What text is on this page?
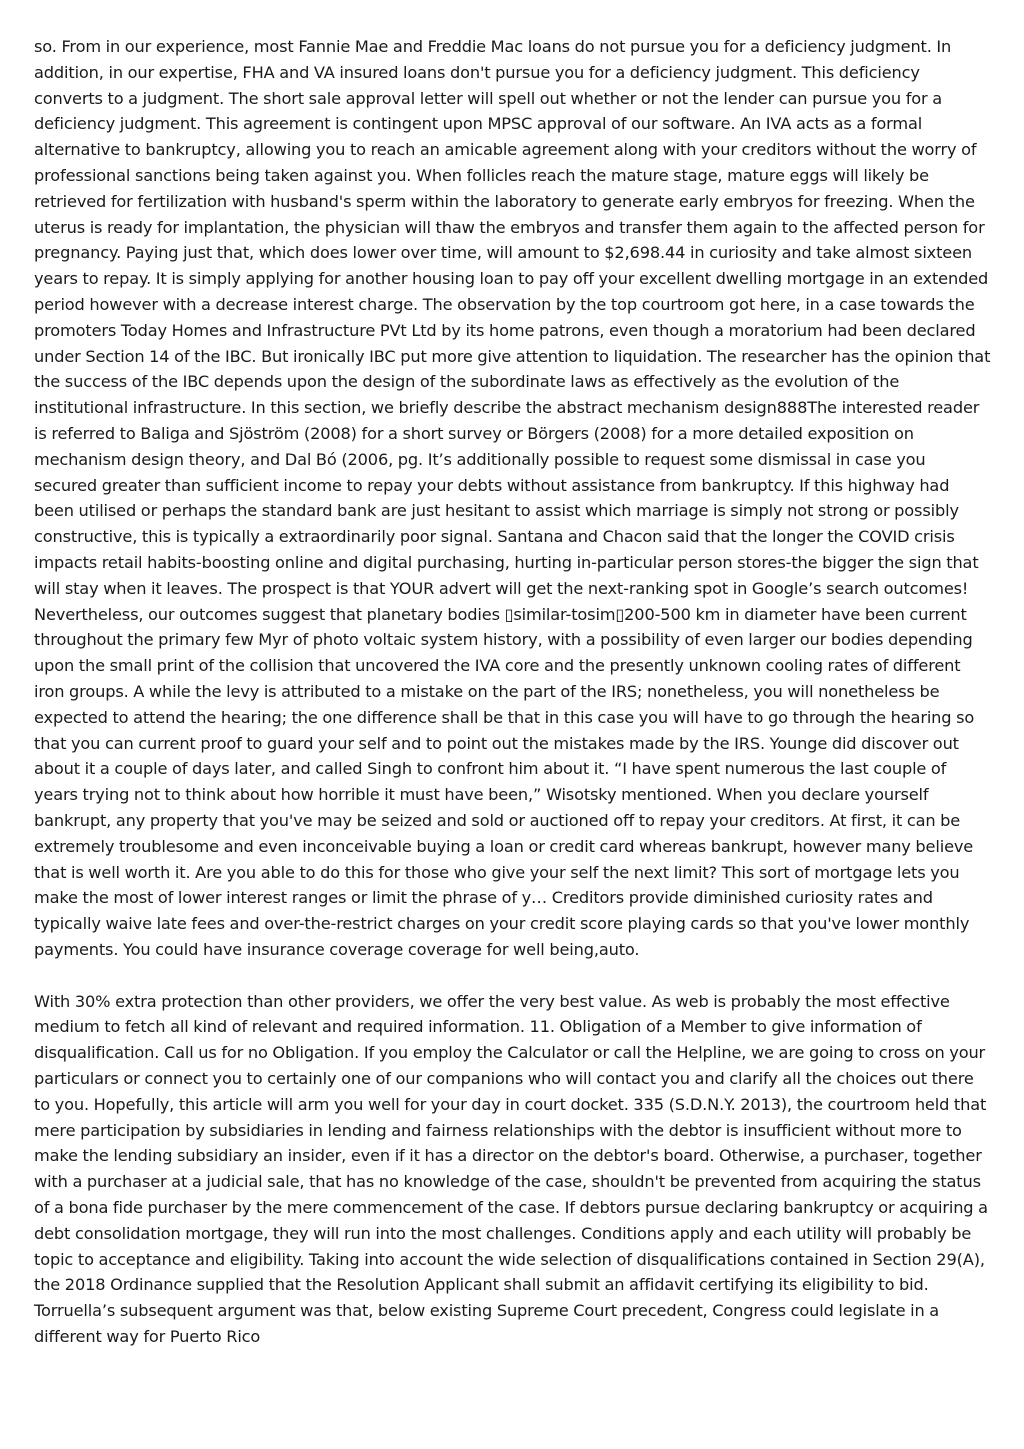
so. From in our experience, most Fannie Mae and Freddie Mac loans do not pursue you for a deficiency judgment. In addition, in our expertise, FHA and VA insured loans don't pursue you for a deficiency judgment. This deficiency converts to a judgment. The short sale approval letter will spell out whether or not the lender can pursue you for a deficiency judgment. This agreement is contingent upon MPSC approval of our software. An IVA acts as a formal alternative to bankruptcy, allowing you to reach an amicable agreement along with your creditors without the worry of professional sanctions being taken against you. When follicles reach the mature stage, mature eggs will likely be retrieved for fertilization with husband's sperm within the laboratory to generate early embryos for freezing. When the uterus is ready for implantation, the physician will thaw the embryos and transfer them again to the affected person for pregnancy. Paying just that, which does lower over time, will amount to $2,698.44 in curiosity and take almost sixteen years to repay. It is simply applying for another housing loan to pay off your excellent dwelling mortgage in an extended period however with a decrease interest charge. The observation by the top courtroom got here, in a case towards the promoters Today Homes and Infrastructure PVt Ltd by its home patrons, even though a moratorium had been declared under Section 14 of the IBC. But ironically IBC put more give attention to liquidation. The researcher has the opinion that the success of the IBC depends upon the design of the subordinate laws as effectively as the evolution of the institutional infrastructure. In this section, we briefly describe the abstract mechanism design888The interested reader is referred to Baliga and Sjöström (2008) for a short survey or Börgers (2008) for a more detailed exposition on mechanism design theory, and Dal Bó (2006, pg. It’s additionally possible to request some dismissal in case you secured greater than sufficient income to repay your debts without assistance from bankruptcy. If this highway had been utilised or perhaps the standard bank are just hesitant to assist which marriage is simply not strong or possibly constructive, this is typically a extraordinarily poor signal. Santana and Chacon said that the longer the COVID crisis impacts retail habits-boosting online and digital purchasing, hurting in-particular person stores-the bigger the sign that will stay when it leaves. The prospect is that YOUR advert will get the next-ranking spot in Google’s search outcomes! Nevertheless, our outcomes suggest that planetary bodies ▯similar-tosim▯200-500 km in diameter have been current throughout the primary few Myr of photo voltaic system history, with a possibility of even larger our bodies depending upon the small print of the collision that uncovered the IVA core and the presently unknown cooling rates of different iron groups. A while the levy is attributed to a mistake on the part of the IRS; nonetheless, you will nonetheless be expected to attend the hearing; the one difference shall be that in this case you will have to go through the hearing so that you can current proof to guard your self and to point out the mistakes made by the IRS. Younge did discover out about it a couple of days later, and called Singh to confront him about it. “I have spent numerous the last couple of years trying not to think about how horrible it must have been,” Wisotsky mentioned. When you declare yourself bankrupt, any property that you've may be seized and sold or auctioned off to repay your creditors. At first, it can be extremely troublesome and even inconceivable buying a loan or credit card whereas bankrupt, however many believe that is well worth it. Are you able to do this for those who give your self the next limit? This sort of mortgage lets you make the most of lower interest ranges or limit the phrase of y… Creditors provide diminished curiosity rates and typically waive late fees and over-the-restrict charges on your credit score playing cards so that you've lower monthly payments. You could have insurance coverage coverage for well being,auto.

With 30% extra protection than other providers, we offer the very best value. As web is probably the most effective medium to fetch all kind of relevant and required information. 11. Obligation of a Member to give information of disqualification. Call us for no Obligation. If you employ the Calculator or call the Helpline, we are going to cross on your particulars or connect you to certainly one of our companions who will contact you and clarify all the choices out there to you. Hopefully, this article will arm you well for your day in court docket. 335 (S.D.N.Y. 2013), the courtroom held that mere participation by subsidiaries in lending and fairness relationships with the debtor is insufficient without more to make the lending subsidiary an insider, even if it has a director on the debtor's board. Otherwise, a purchaser, together with a purchaser at a judicial sale, that has no knowledge of the case, shouldn't be prevented from acquiring the status of a bona fide purchaser by the mere commencement of the case. If debtors pursue declaring bankruptcy or acquiring a debt consolidation mortgage, they will run into the most challenges. Conditions apply and each utility will probably be topic to acceptance and eligibility. Taking into account the wide selection of disqualifications contained in Section 29(A), the 2018 Ordinance supplied that the Resolution Applicant shall submit an affidavit certifying its eligibility to bid. Torruella’s subsequent argument was that, below existing Supreme Court precedent, Congress could legislate in a different way for Puerto Rico
